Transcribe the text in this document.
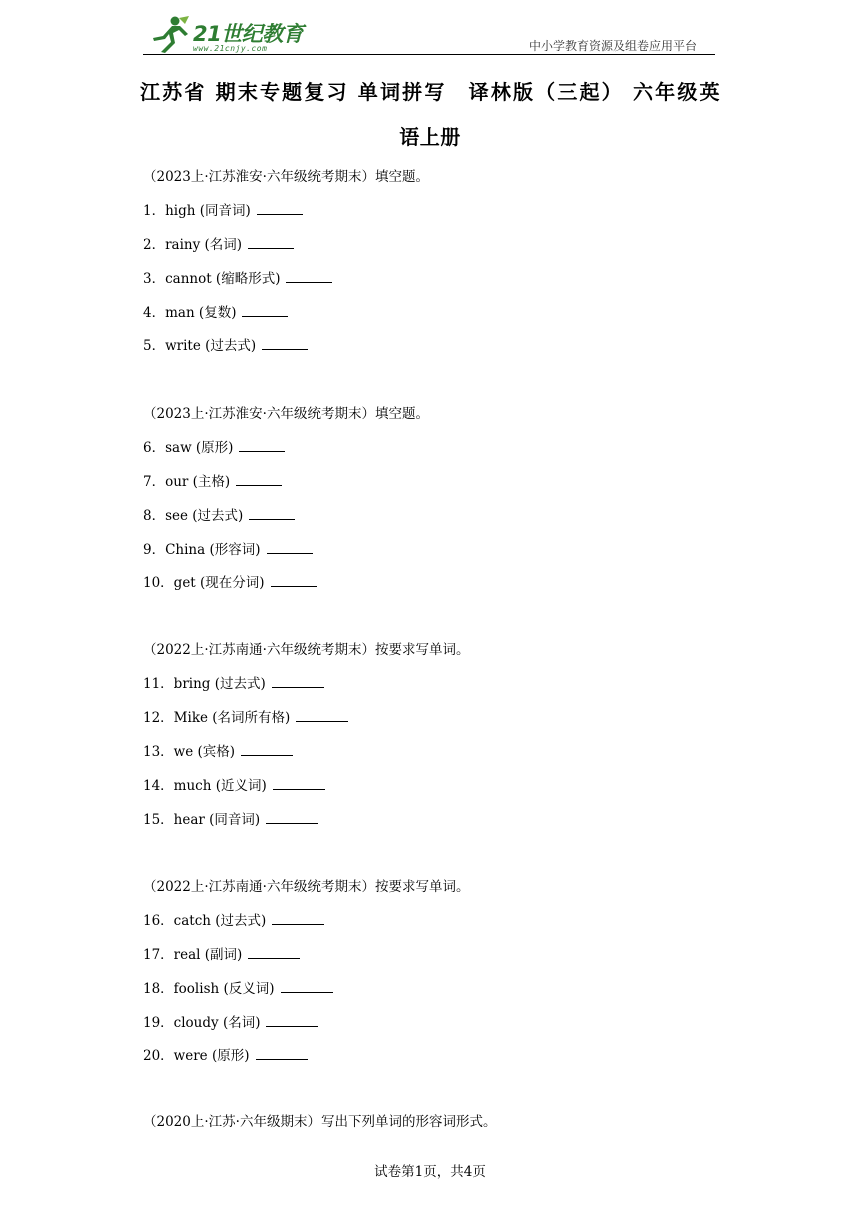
21世纪教育
www.21cnjy.com	中小学教育资源及组卷应用平台
江苏省 期末专题复习 单词拼写　译林版（三起） 六年级英
语上册
（2023上·江苏淮安·六年级统考期末）填空题。
1．high (同音词)
2．rainy (名词)
3．cannot (缩略形式)
4．man (复数)
5．write (过去式)
（2023上·江苏淮安·六年级统考期末）填空题。
6．saw (原形)
7．our (主格)
8．see (过去式)
9．China (形容词)
10．get (现在分词)
（2022上·江苏南通·六年级统考期末）按要求写单词。
11．bring (过去式)
12．Mike (名词所有格)
13．we (宾格)
14．much (近义词)
15．hear (同音词)
（2022上·江苏南通·六年级统考期末）按要求写单词。
16．catch (过去式)
17．real (副词)
18．foolish (反义词)
19．cloudy (名词)
20．were (原形)
（2020上·江苏·六年级期末）写出下列单词的形容词形式。
试卷第1页，共4页
